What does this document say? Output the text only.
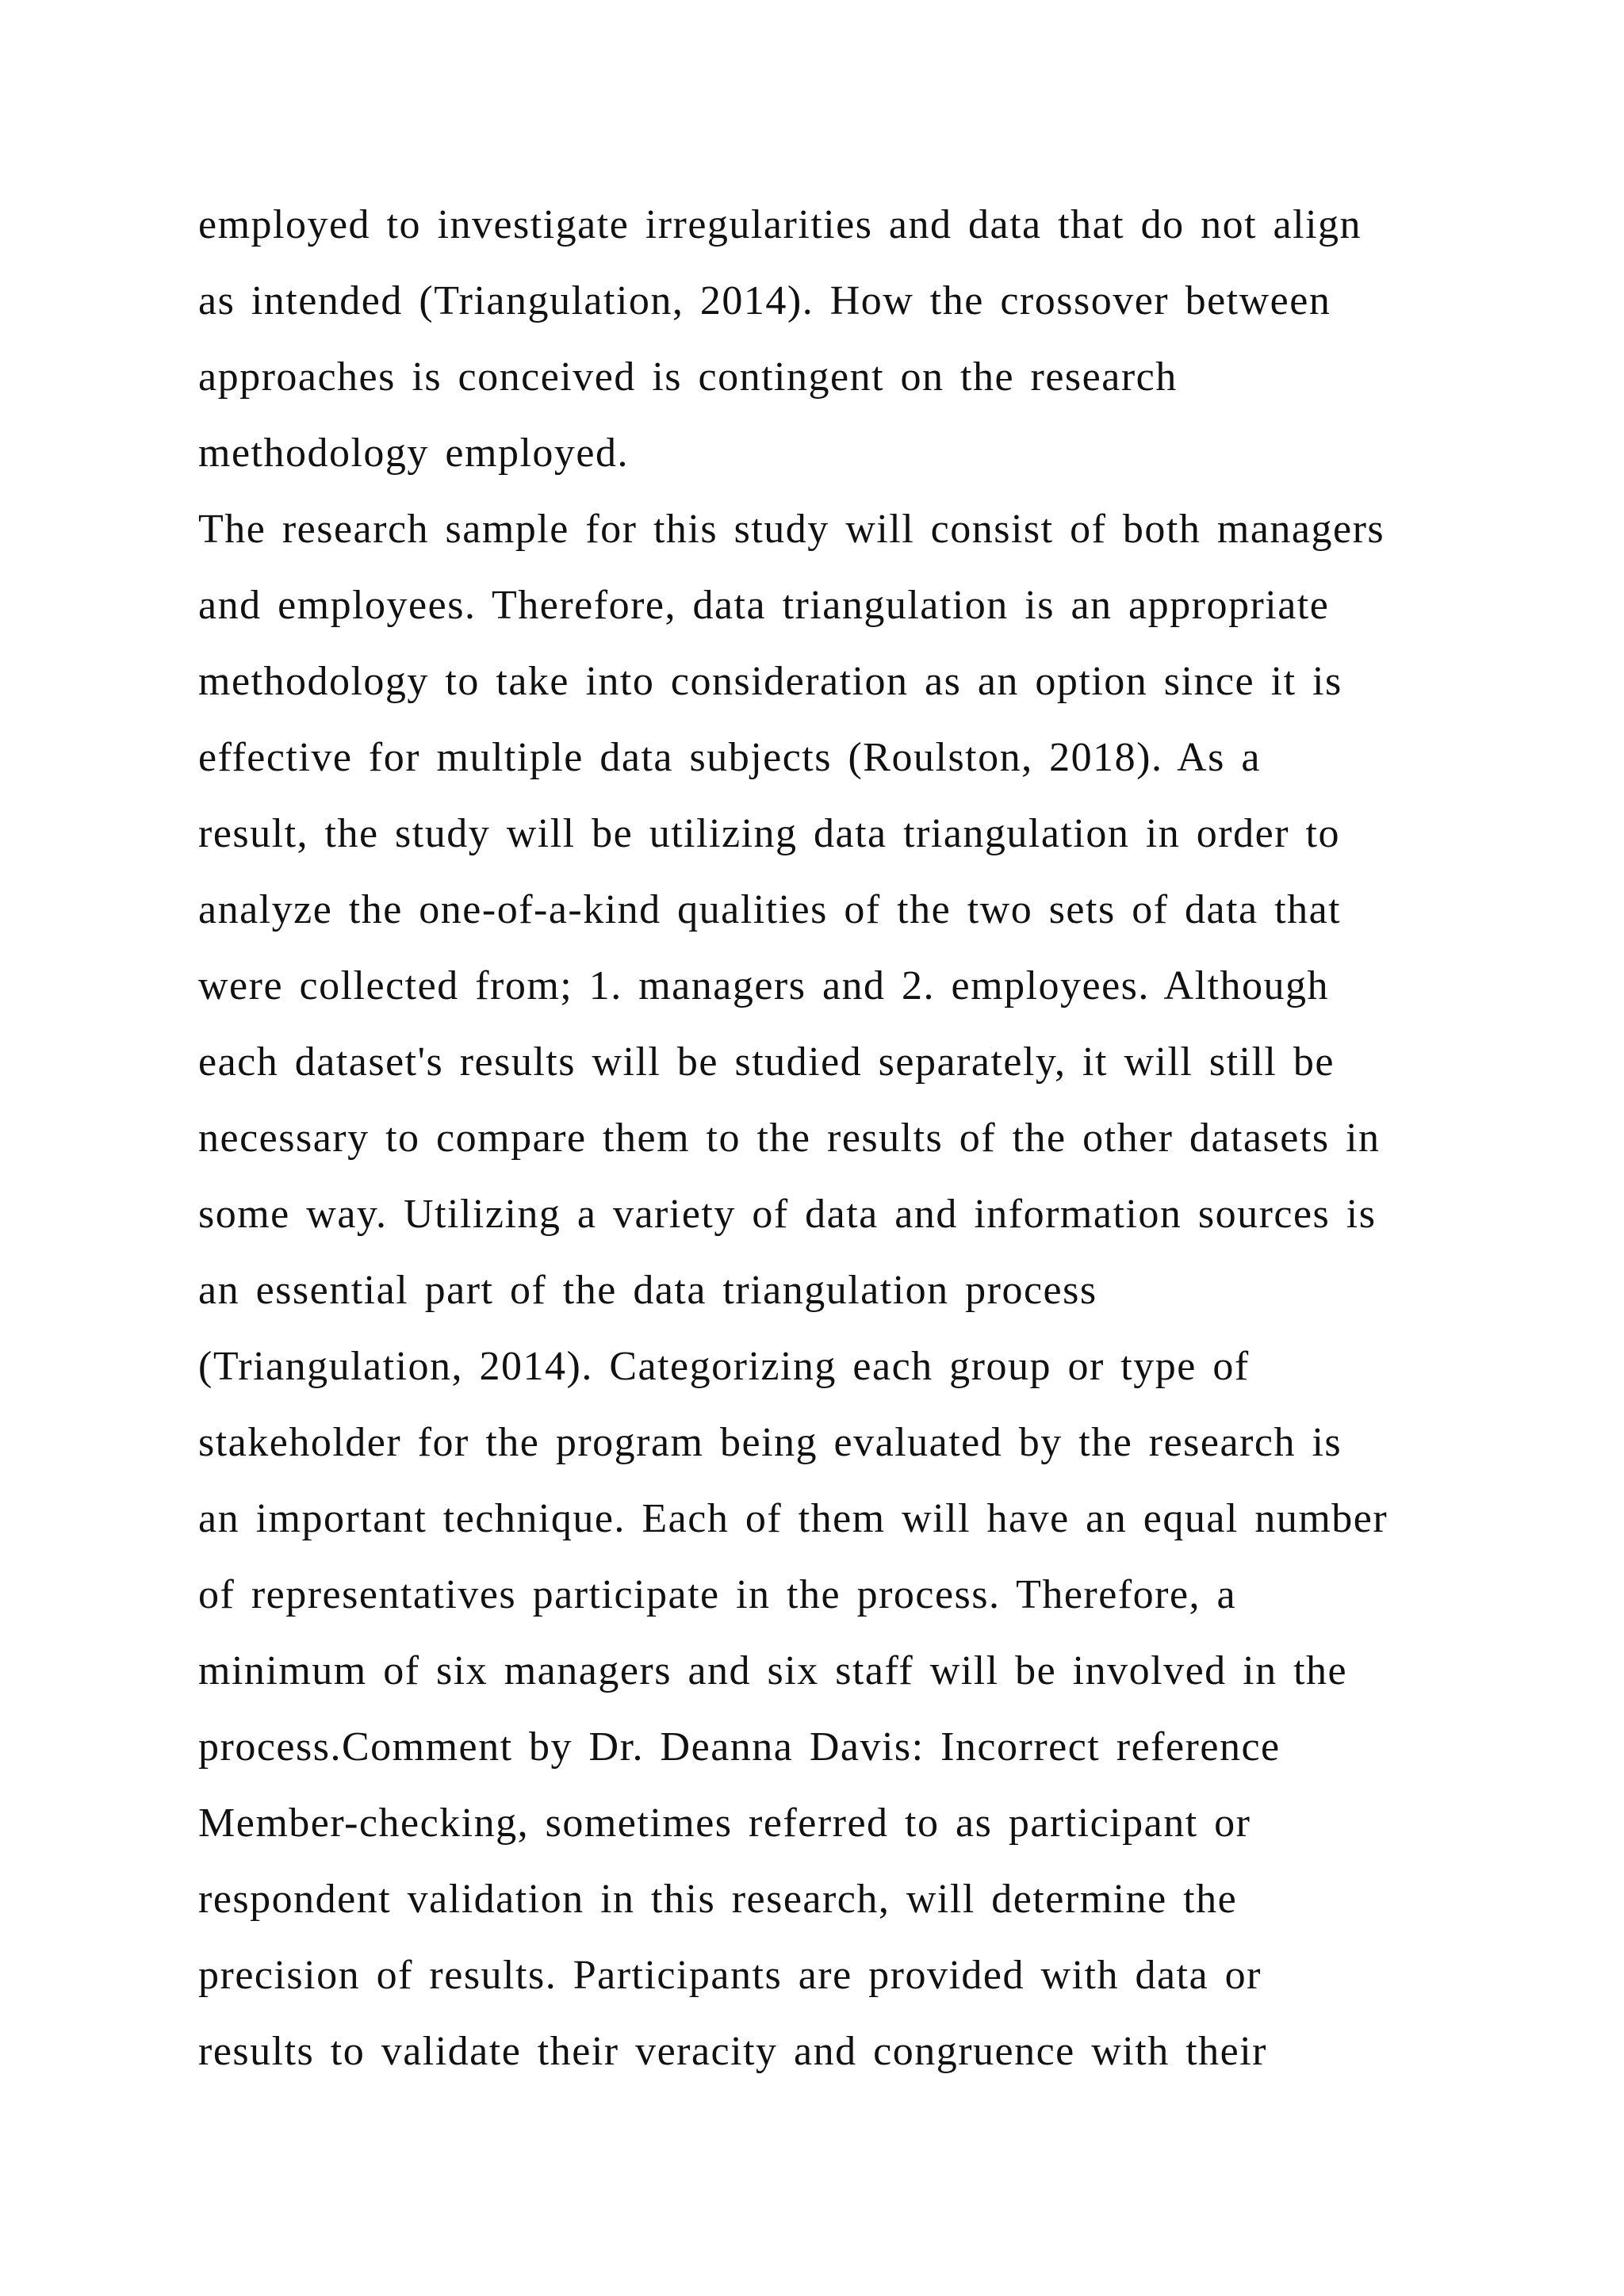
employed to investigate irregularities and data that do not align
as intended (Triangulation, 2014). How the crossover between
approaches is conceived is contingent on the research
methodology employed.
The research sample for this study will consist of both managers
and employees. Therefore, data triangulation is an appropriate
methodology to take into consideration as an option since it is
effective for multiple data subjects (Roulston, 2018). As a
result, the study will be utilizing data triangulation in order to
analyze the one-of-a-kind qualities of the two sets of data that
were collected from; 1. managers and 2. employees. Although
each dataset's results will be studied separately, it will still be
necessary to compare them to the results of the other datasets in
some way. Utilizing a variety of data and information sources is
an essential part of the data triangulation process
(Triangulation, 2014). Categorizing each group or type of
stakeholder for the program being evaluated by the research is
an important technique. Each of them will have an equal number
of representatives participate in the process. Therefore, a
minimum of six managers and six staff will be involved in the
process.Comment by Dr. Deanna Davis: Incorrect reference
Member-checking, sometimes referred to as participant or
respondent validation in this research, will determine the
precision of results. Participants are provided with data or
results to validate their veracity and congruence with their
